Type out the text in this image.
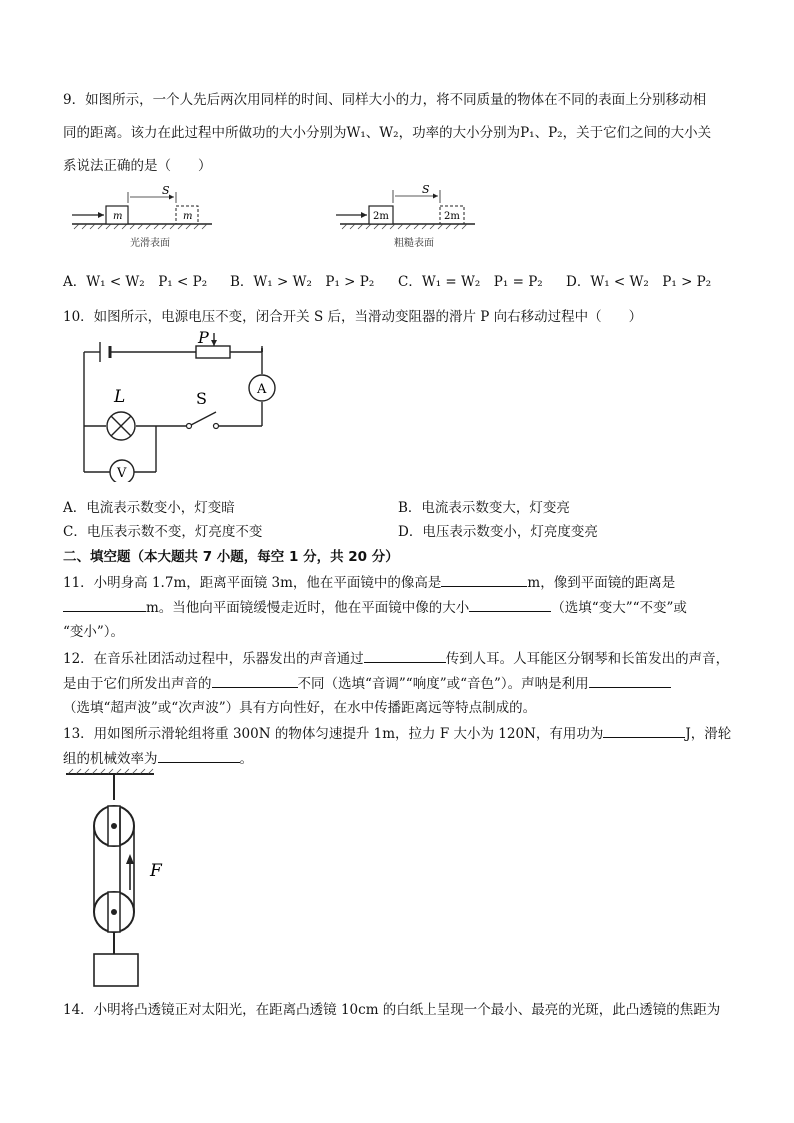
9．如图所示，一个人先后两次用同样的时间、同样大小的力，将不同质量的物体在不同的表面上分别移动相
同的距离。该力在此过程中所做功的大小分别为W₁、W₂，功率的大小分别为P₁、P₂，关于它们之间的大小关
系说法正确的是（　　）
m	m
S
光滑表面
2m	2m
S
粗糙表面
A．W₁ < W₂　P₁ < P₂ B．W₁ > W₂　P₁ > P₂ C．W₁ = W₂　P₁ = P₂ D．W₁ < W₂　P₁ > P₂
10．如图所示，电源电压不变，闭合开关 S 后，当滑动变阻器的滑片 P 向右移动过程中（　　）
P
A
L	S
V
A．电流表示数变小，灯变暗	B．电流表示数变大，灯变亮
C．电压表示数不变，灯亮度不变	D．电压表示数变小，灯亮度变亮
二、填空题（本大题共 7 小题，每空 1 分，共 20 分）
11．小明身高 1.7m，距离平面镜 3m，他在平面镜中的像高是	m，像到平面镜的距离是
m。当他向平面镜缓慢走近时，他在平面镜中像的大小	（选填“变大”“不变”或
“变小”）。
12．在音乐社团活动过程中，乐器发出的声音通过	传到人耳。人耳能区分钢琴和长笛发出的声音，
是由于它们所发出声音的	不同（选填“音调”“响度”或“音色”）。声呐是利用
（选填“超声波”或“次声波”）具有方向性好，在水中传播距离远等特点制成的。
13．用如图所示滑轮组将重 300N 的物体匀速提升 1m，拉力 F 大小为 120N，有用功为	J，滑轮
组的机械效率为	。
F
14．小明将凸透镜正对太阳光，在距离凸透镜 10cm 的白纸上呈现一个最小、最亮的光斑，此凸透镜的焦距为
